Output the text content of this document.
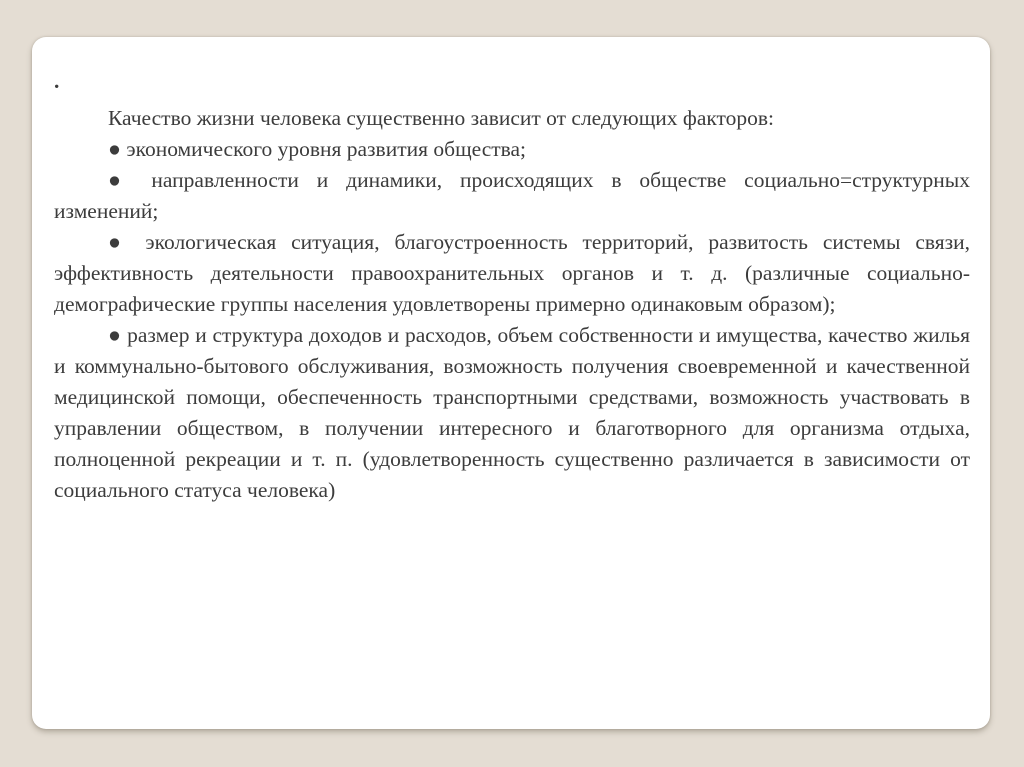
.

Качество жизни человека существенно зависит от следующих факторов:

● экономического уровня развития общества;

● направленности и динамики, происходящих в обществе социально=структурных изменений;

● экологическая ситуация, благоустроенность территорий, развитость системы связи, эффективность деятельности правоохранительных органов и т. д. (различные социально-демографические группы населения удовлетворены примерно одинаковым образом);

● размер и структура доходов и расходов, объем собственности и имущества, качество жилья и коммунально-бытового обслуживания, возможность получения своевременной и качественной медицинской помощи, обеспеченность транспортными средствами, возможность участвовать в управлении обществом, в получении интересного и благотворного для организма отдыха, полноценной рекреации и т. п. (удовлетворенность существенно различается в зависимости от социального статуса человека)
